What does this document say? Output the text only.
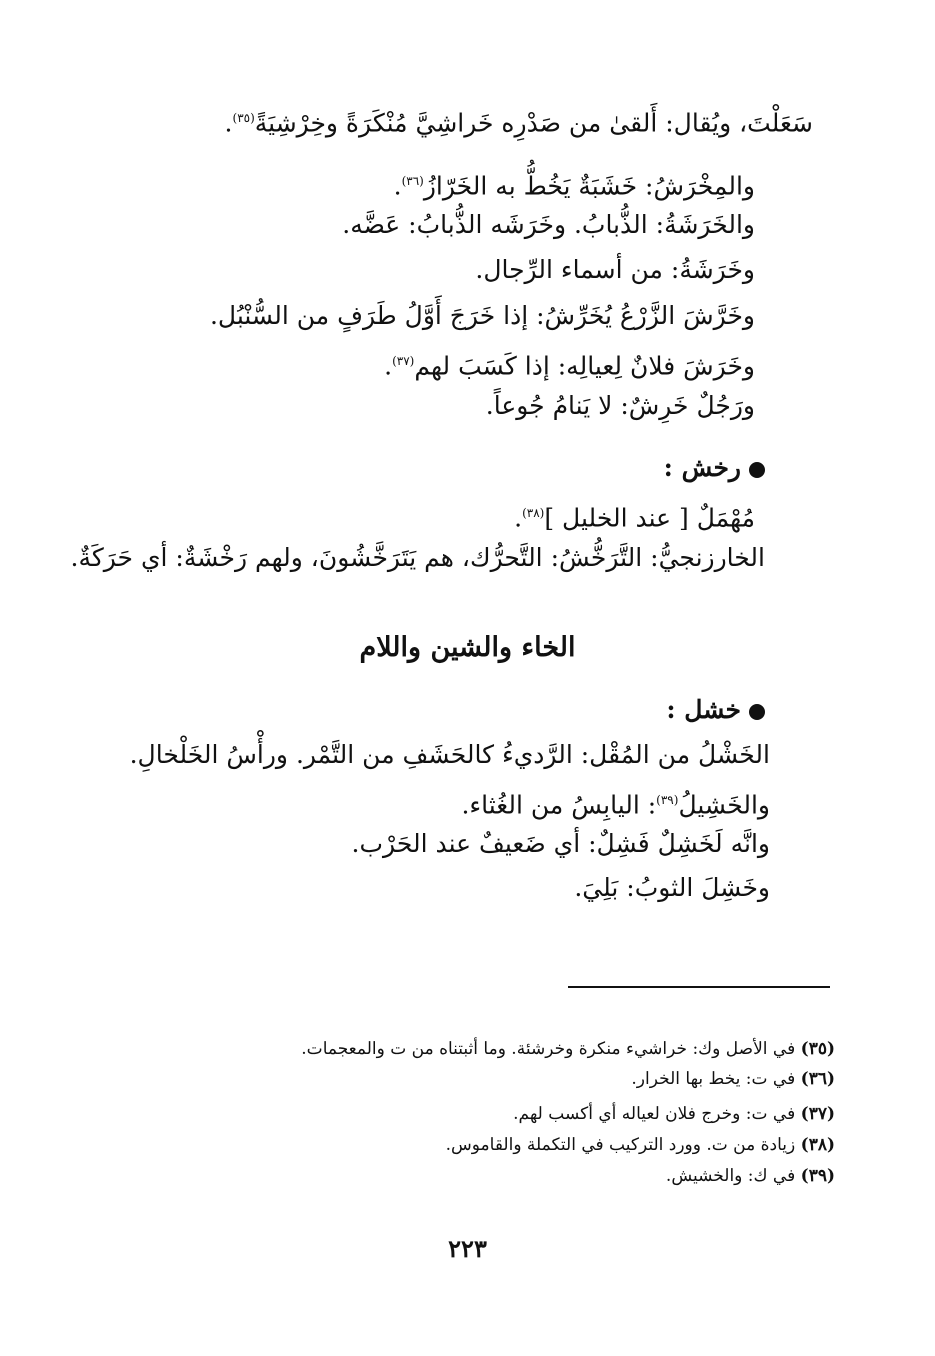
سَعَلْتَ، ويُقال: أَلقىٰ من صَدْرِه خَراشِيَّ مُنْكَرَةً وخِرْشِيَةً$^{(٣٥)}$.
والمِخْرَشُ: خَشَبَةٌ يَخُطُّ به الخَرّازُ$^{(٣٦)}$.
والخَرَشَةُ: الذُّبابُ. وخَرَشَه الذُّبابُ: عَضَّه.
وخَرَشَةُ: من أسماء الرِّجال.
وخَرَّشَ الزَّرْعُ يُخَرِّشُ: إذا خَرَجَ أَوَّلُ طَرَفٍ من السُّنْبُل.
وخَرَشَ فلانٌ لِعيالِه: إذا كَسَبَ لهم$^{(٣٧)}$.
ورَجُلٌ خَرِشٌ: لا يَنامُ جُوعاً.
رخش :
مُهْمَلٌ [ عند الخليل ]$^{(٣٨)}$.
الخارزنجيُّ: التَّرَخُّشُ: التَّحرُّك، هم يَتَرَخَّشُونَ، ولهم رَخْشَةٌ: أي حَرَكَةٌ.
الخاء والشين واللام
خشل :
الخَشْلُ من المُقْل: الرَّديءُ كالحَشَفِ من التَّمْر. ورأْسُ الخَلْخالِ.
والخَشِيلُ$^{(٣٩)}$: اليابِسُ من الغُثاء.
وانَّه لَخَشِلٌ فَشِلٌ: أي ضَعيفٌ عند الحَرْب.
وخَشِلَ الثوبُ: بَلِيَ.
(٣٥) في الأصل وك: خراشيء منكرة وخرشئة. وما أثبتناه من ت والمعجمات.
(٣٦) في ت: يخط بها الخرار.
(٣٧) في ت: وخرج فلان لعياله أي أكسب لهم.
(٣٨) زيادة من ت. وورد التركيب في التكملة والقاموس.
(٣٩) في ك: والخشيش.
٢٢٣
